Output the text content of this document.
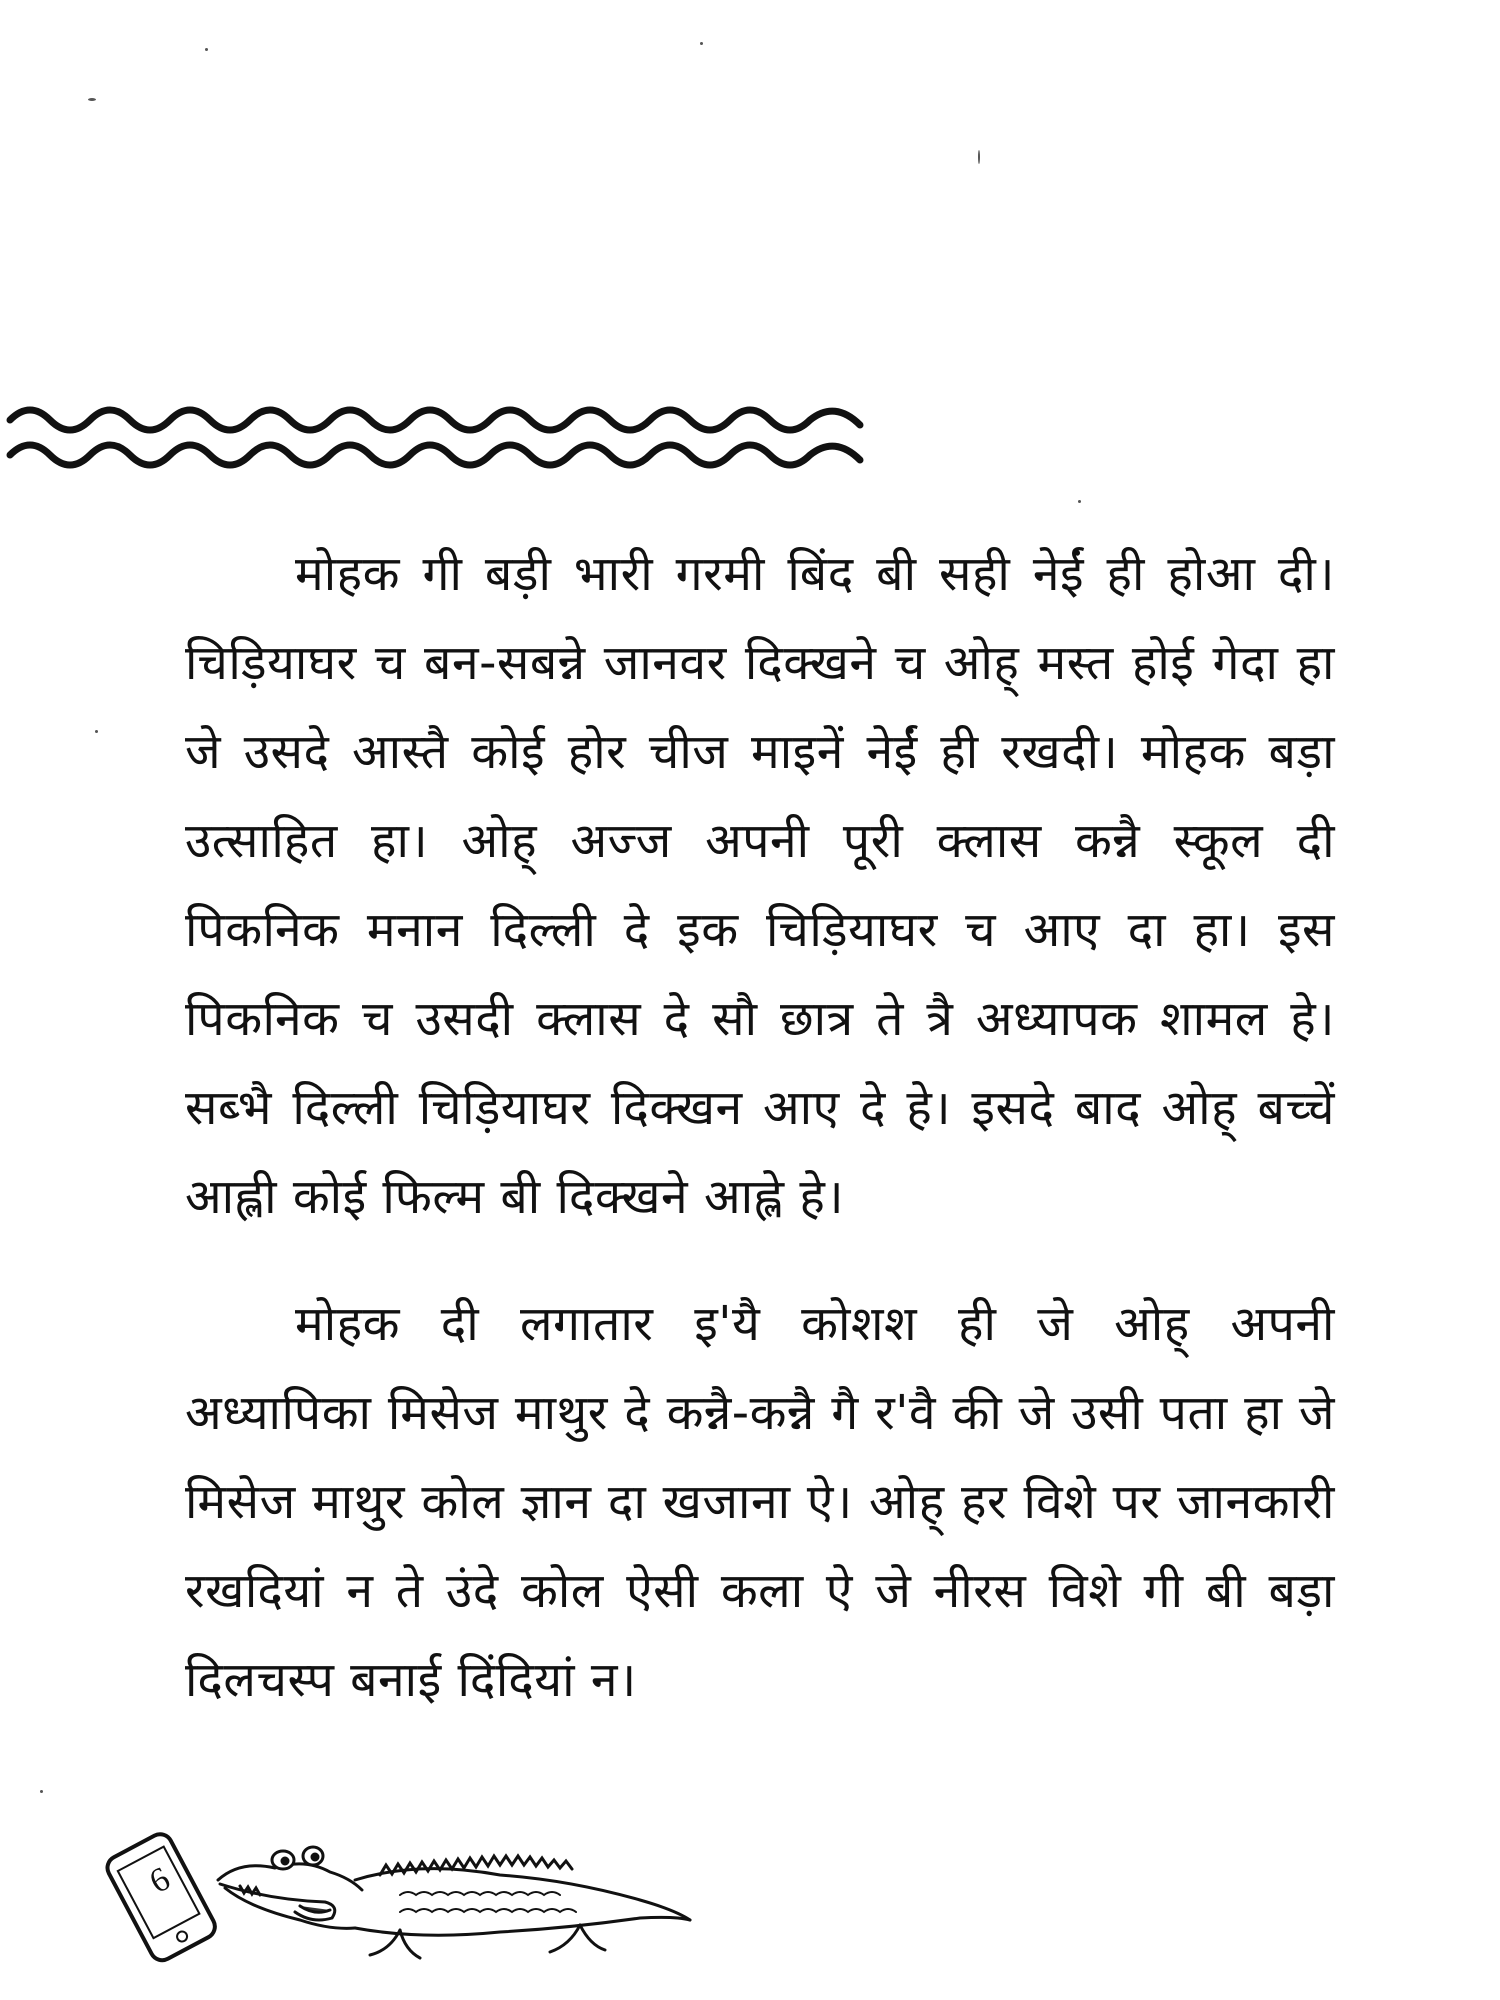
मोहक गी बड़ी भारी गरमी बिंद बी सही नेईं ही होआ दी। चिड़ियाघर च बन-सबन्ने जानवर दिक्खने च ओह् मस्त होई गेदा हा जे उसदे आस्तै कोई होर चीज माइनें नेईं ही रखदी। मोहक बड़ा उत्साहित हा। ओह् अज्ज अपनी पूरी क्लास कन्नै स्कूल दी पिकनिक मनान दिल्ली दे इक चिड़ियाघर च आए दा हा। इस पिकनिक च उसदी क्लास दे सौ छात्र ते त्रै अध्यापक शामल हे। सब्भै दिल्ली चिड़ियाघर दिक्खन आए दे हे। इसदे बाद ओह् बच्चें आह्ली कोई फिल्म बी दिक्खने आह्ले हे।

मोहक दी लगातार इ'यै कोशश ही जे ओह् अपनी अध्यापिका मिसेज माथुर दे कन्नै-कन्नै गै र'वै की जे उसी पता हा जे मिसेज माथुर कोल ज्ञान दा खजाना ऐ। ओह् हर विशे पर जानकारी रखदियां न ते उंदे कोल ऐसी कला ऐ जे नीरस विशे गी बी बड़ा दिलचस्प बनाई दिंदियां न।

6
